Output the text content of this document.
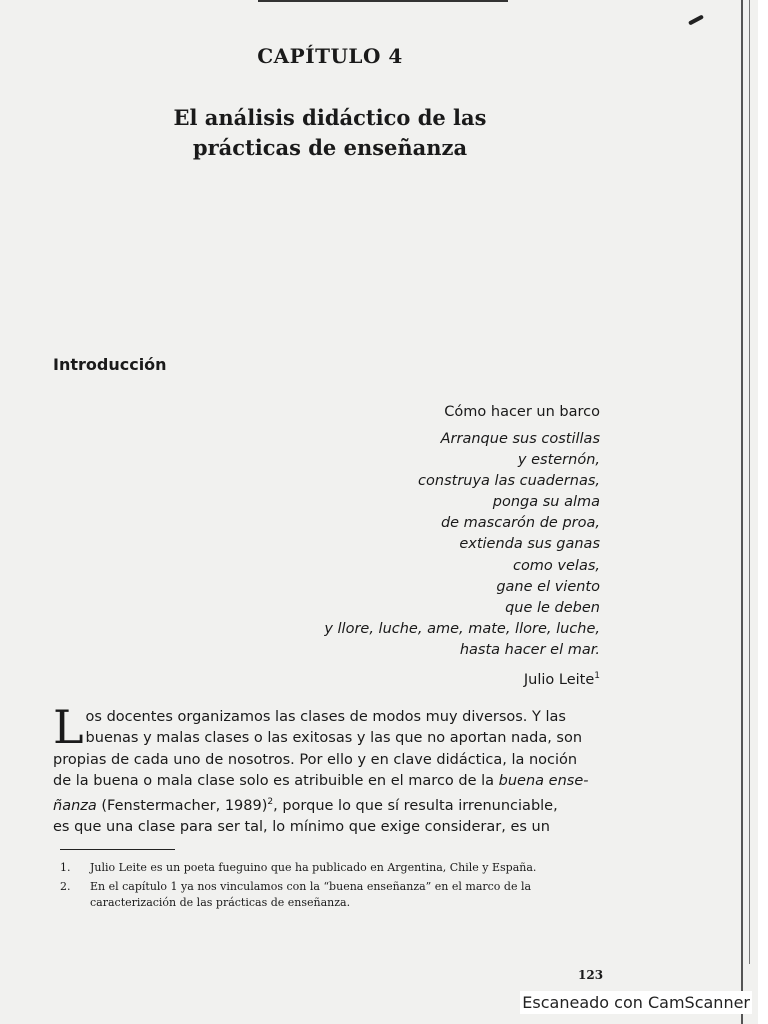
CAPÍTULO 4
El análisis didáctico de las
prácticas de enseñanza
Introducción
Cómo hacer un barco
Arranque sus costillas
y esternón,
construya las cuadernas,
ponga su alma
de mascarón de proa,
extienda sus ganas
como velas,
gane el viento
que le deben
y llore, luche, ame, mate, llore, luche,
hasta hacer el mar.
Julio Leite$^1$
L os docentes organizamos las clases de modos muy diversos. Y las
buenas y malas clases o las exitosas y las que no aportan nada, son
propias de cada uno de nosotros. Por ello y en clave didáctica, la noción
de la buena o mala clase solo es atribuible en el marco de la buena ense-
ñanza (Fenstermacher, 1989)$^2$, porque lo que sí resulta irrenunciable,
es que una clase para ser tal, lo mínimo que exige considerar, es un
1. Julio Leite es un poeta fueguino que ha publicado en Argentina, Chile y España.
2. En el capítulo 1 ya nos vinculamos con la “buena enseñanza” en el marco de la caracterización de las prácticas de enseñanza.
123
Escaneado con CamScanner
